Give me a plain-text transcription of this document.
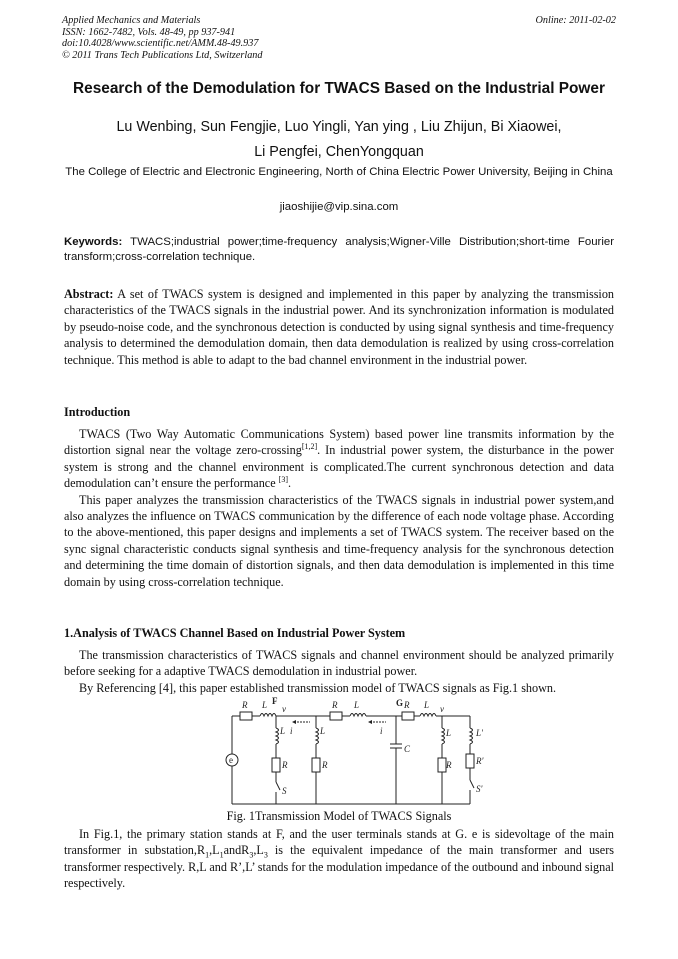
Applied Mechanics and Materials
ISSN: 1662-7482, Vols. 48-49, pp 937-941
doi:10.4028/www.scientific.net/AMM.48-49.937
© 2011 Trans Tech Publications Ltd, Switzerland
Online: 2011-02-02
Research of the Demodulation for TWACS Based on the Industrial Power
Lu Wenbing, Sun Fengjie, Luo Yingli, Yan ying , Liu Zhijun, Bi Xiaowei,
Li Pengfei, ChenYongquan
The College of Electric and Electronic Engineering, North of China Electric Power University, Beijing in China
jiaoshijie@vip.sina.com
Keywords: TWACS;industrial power;time-frequency analysis;Wigner-Ville Distribution;short-time Fourier transform;cross-correlation technique.
Abstract: A set of TWACS system is designed and implemented in this paper by analyzing the transmission characteristics of the TWACS signals in the industrial power. And its synchronization information is modulated by pseudo-noise code, and the synchronous detection is conducted by using signal synthesis and time-frequency analysis to determined the demodulation domain, then data demodulation is realized by using cross-correlation technique. This method is able to adapt to the bad channel environment in the industrial power.
Introduction

TWACS (Two Way Automatic Communications System) based power line transmits information by the distortion signal near the voltage zero-crossing[1,2]. In industrial power system, the disturbance in the power system is strong and the channel environment is complicated.The current synchronous detection and data demodulation can’t ensure the performance [3].

This paper analyzes the transmission characteristics of the TWACS signals in industrial power system,and also analyzes the influence on TWACS communication by the difference of each node voltage phase. According to the above-mentioned, this paper designs and implements a set of TWACS system. The receiver based on the sync signal characteristic conducts signal synthesis and time-frequency analysis for the synchronous detection and determining the time domain of distortion signals, and then data demodulation is implemented in this time domain by using cross-correlation technique.

1.Analysis of TWACS Channel Based on Industrial Power System

The transmission characteristics of TWACS signals and channel environment should be analyzed primarily before seeking for a adaptive TWACS demodulation in industrial power.

By Referencing [4], this paper established transmission model of TWACS signals as Fig.1 shown.

F	G
R L v	R L	R L v
i	i
L	L
C
R	R
S
e
L	L'
R	R'
S'
Fig. 1Transmission Model of TWACS Signals

In Fig.1, the primary station stands at F, and the user terminals stands at G. e is sidevoltage of the main transformer in $substation,R_1,L_1andR_3,L_3$ is the equivalent impedance of the main transformer and users transformer respectively. R,L and R’,L’ stands for the modulation impedance of the outbound and inbound signal respectively.
